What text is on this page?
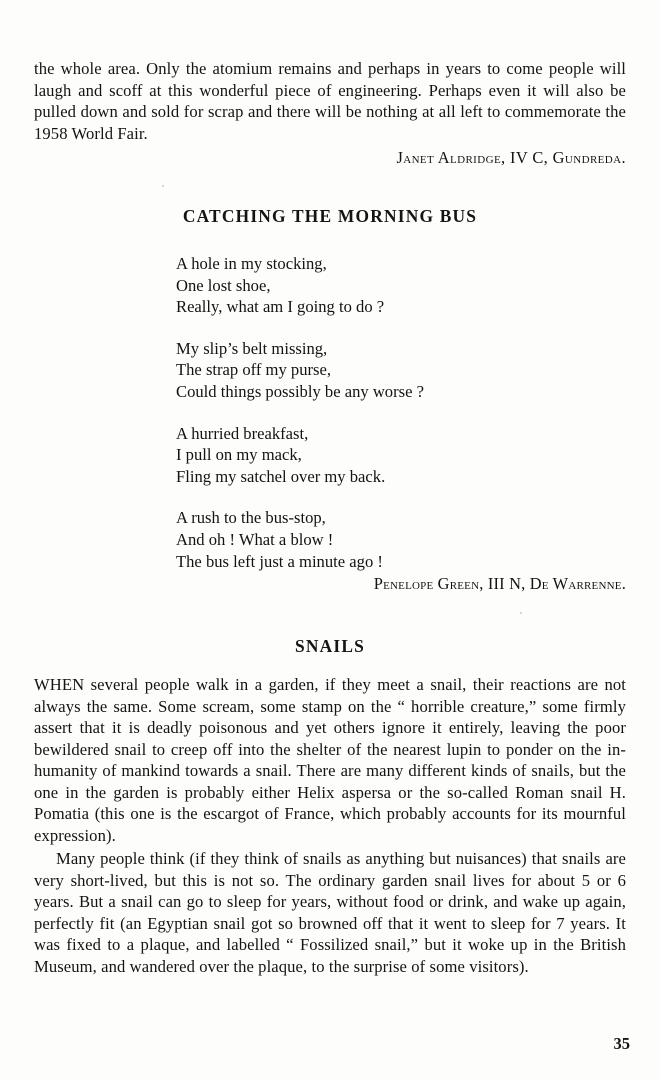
the whole area. Only the atomium remains and perhaps in years to come people will laugh and scoff at this wonderful piece of engineering. Perhaps even it will also be pulled down and sold for scrap and there will be nothing at all left to commemorate the 1958 World Fair.

Janet Aldridge, IV C, Gundreda.

CATCHING THE MORNING BUS
A hole in my stocking,
One lost shoe,
Really, what am I going to do ?
My slip’s belt missing,
The strap off my purse,
Could things possibly be any worse ?
A hurried breakfast,
I pull on my mack,
Fling my satchel over my back.
A rush to the bus-stop,
And oh ! What a blow !
The bus left just a minute ago !

Penelope Green, III N, De Warrenne.

SNAILS

WHEN several people walk in a garden, if they meet a snail, their reactions are not always the same. Some scream, some stamp on the “ horrible creature,” some firmly assert that it is deadly poisonous and yet others ignore it entirely, leaving the poor bewildered snail to creep off into the shelter of the nearest lupin to ponder on the in-humanity of mankind towards a snail. There are many different kinds of snails, but the one in the garden is probably either Helix aspersa or the so-called Roman snail H. Pomatia (this one is the escargot of France, which probably accounts for its mournful expression).

Many people think (if they think of snails as anything but nuisances) that snails are very short-lived, but this is not so. The ordinary garden snail lives for about 5 or 6 years. But a snail can go to sleep for years, without food or drink, and wake up again, perfectly fit (an Egyptian snail got so browned off that it went to sleep for 7 years. It was fixed to a plaque, and labelled “ Fossilized snail,” but it woke up in the British Museum, and wandered over the plaque, to the surprise of some visitors).

35
